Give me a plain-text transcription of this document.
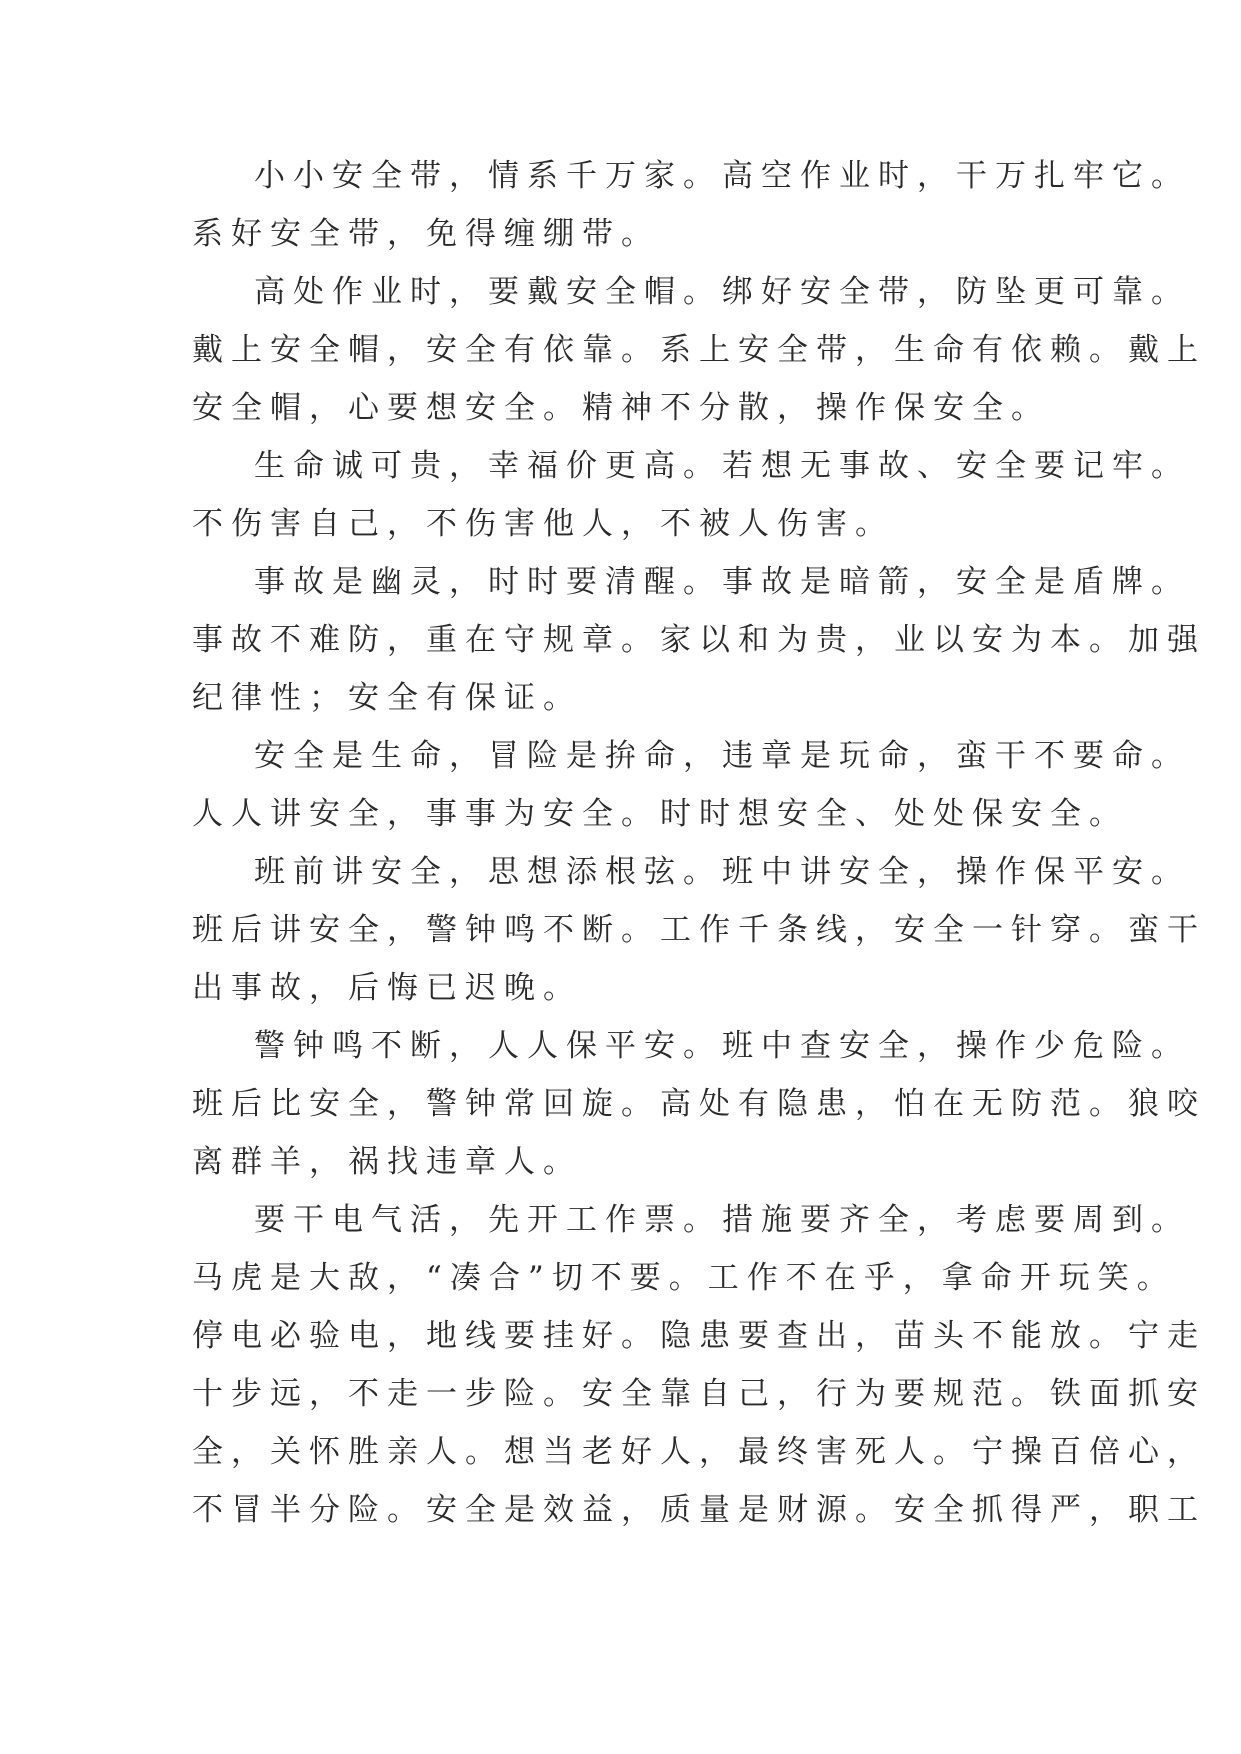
小小安全带，情系千万家。高空作业时，干万扎牢它。
系好安全带，免得缠绷带。
高处作业时，要戴安全帽。绑好安全带，防坠更可靠。
戴上安全帽，安全有依靠。系上安全带，生命有依赖。戴上
安全帽，心要想安全。精神不分散，操作保安全。
生命诚可贵，幸福价更高。若想无事故、安全要记牢。
不伤害自己，不伤害他人，不被人伤害。
事故是幽灵，时时要清醒。事故是暗箭，安全是盾牌。
事故不难防，重在守规章。家以和为贵，业以安为本。加强
纪律性；安全有保证。
安全是生命，冒险是拚命，违章是玩命，蛮干不要命。
人人讲安全，事事为安全。时时想安全、处处保安全。
班前讲安全，思想添根弦。班中讲安全，操作保平安。
班后讲安全，警钟鸣不断。工作千条线，安全一针穿。蛮干
出事故，后悔已迟晚。
警钟鸣不断，人人保平安。班中查安全，操作少危险。
班后比安全，警钟常回旋。高处有隐患，怕在无防范。狼咬
离群羊，祸找违章人。
要干电气活，先开工作票。措施要齐全，考虑要周到。
马虎是大敌，“凑合”切不要。工作不在乎，拿命开玩笑。
停电必验电，地线要挂好。隐患要查出，苗头不能放。宁走
十步远，不走一步险。安全靠自己，行为要规范。铁面抓安
全，关怀胜亲人。想当老好人，最终害死人。宁操百倍心，
不冒半分险。安全是效益，质量是财源。安全抓得严，职工
